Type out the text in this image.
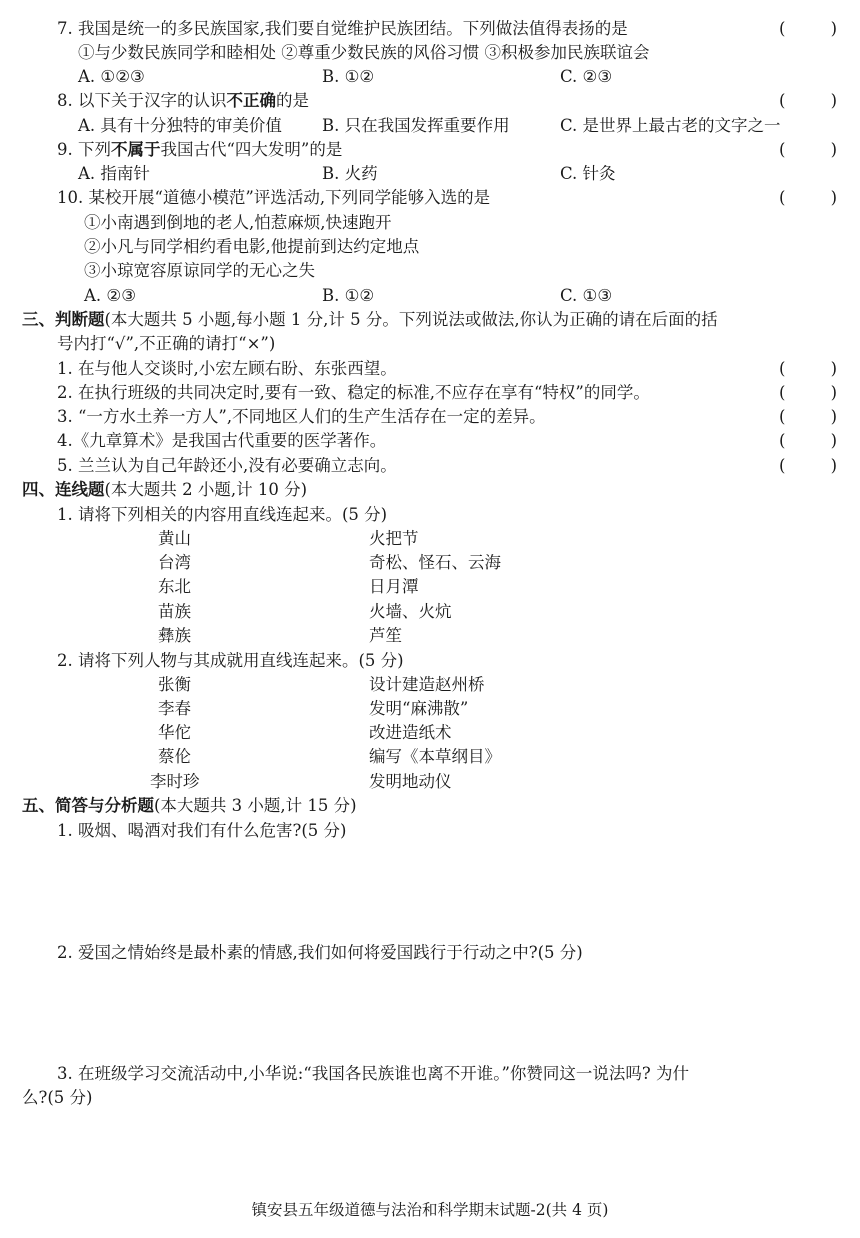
7. 我国是统一的多民族国家,我们要自觉维护民族团结。下列做法值得表扬的是	(	)
①与少数民族同学和睦相处 ②尊重少数民族的风俗习惯 ③积极参加民族联谊会
A. ①②③	B. ①②	C. ②③
8. 以下关于汉字的认识不正确的是	(	)
A. 具有十分独特的审美价值 B. 只在我国发挥重要作用	C. 是世界上最古老的文字之一
9. 下列不属于我国古代“四大发明”的是	(	)
A. 指南针	B. 火药	C. 针灸
10. 某校开展“道德小模范”评选活动,下列同学能够入选的是	(	)
①小南遇到倒地的老人,怕惹麻烦,快速跑开
②小凡与同学相约看电影,他提前到达约定地点
③小琼宽容原谅同学的无心之失
A. ②③	B. ①②	C. ①③
三、判断题(本大题共 5 小题,每小题 1 分,计 5 分。下列说法或做法,你认为正确的请在后面的括
号内打“√”,不正确的请打“×”)
1. 在与他人交谈时,小宏左顾右盼、东张西望。	(	)
2. 在执行班级的共同决定时,要有一致、稳定的标准,不应存在享有“特权”的同学。	(	)
3. “一方水土养一方人”,不同地区人们的生产生活存在一定的差异。	(	)
4.《九章算术》是我国古代重要的医学著作。	(	)
5. 兰兰认为自己年龄还小,没有必要确立志向。	(	)
四、连线题(本大题共 2 小题,计 10 分)
1. 请将下列相关的内容用直线连起来。(5 分)
黄山	火把节
台湾	奇松、怪石、云海
东北	日月潭
苗族	火墙、火炕
彝族	芦笙
2. 请将下列人物与其成就用直线连起来。(5 分)
张衡	设计建造赵州桥
李春	发明“麻沸散”
华佗	改进造纸术
蔡伦	编写《本草纲目》
李时珍	发明地动仪
五、简答与分析题(本大题共 3 小题,计 15 分)
1. 吸烟、喝酒对我们有什么危害?(5 分)
2. 爱国之情始终是最朴素的情感,我们如何将爱国践行于行动之中?(5 分)
3. 在班级学习交流活动中,小华说:“我国各民族谁也离不开谁。”你赞同这一说法吗? 为什
么?(5 分)
镇安县五年级道德与法治和科学期末试题-2(共 4 页)
